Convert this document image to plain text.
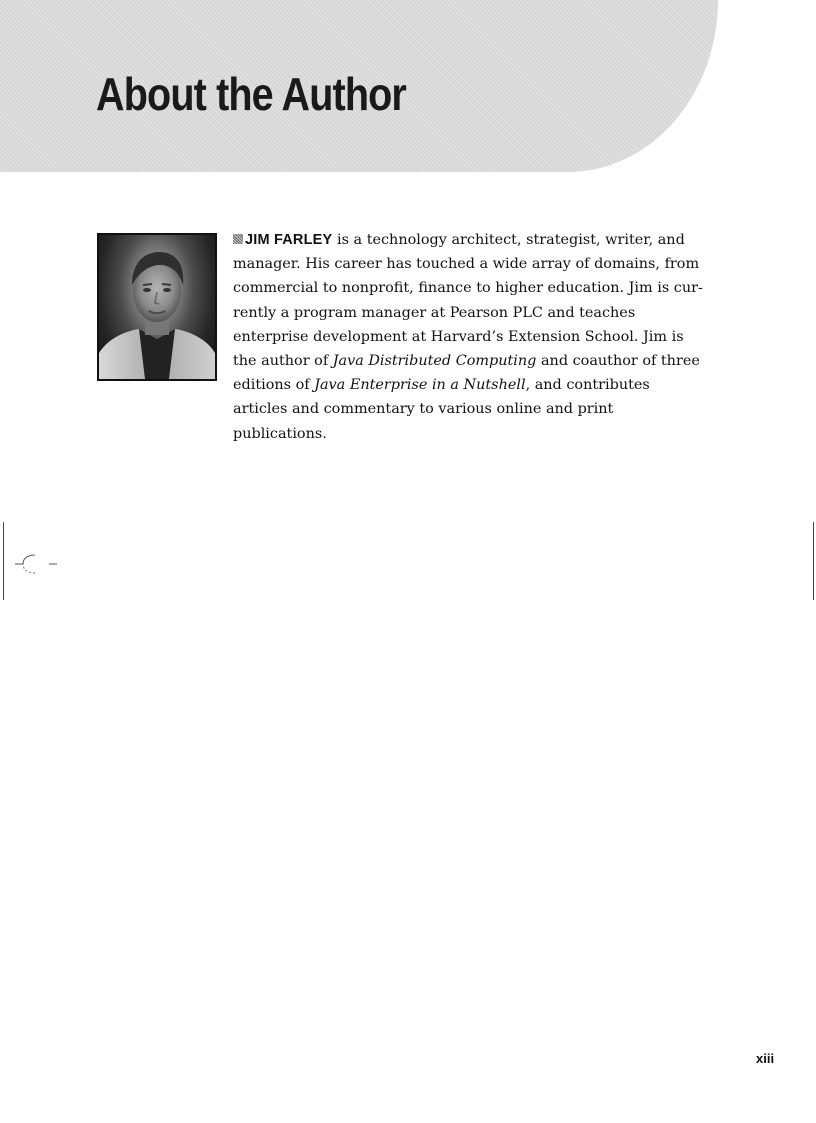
About the Author

JIM FARLEY is a technology architect, strategist, writer, and manager. His career has touched a wide array of domains, from commercial to nonprofit, finance to higher education. Jim is cur-rently a program manager at Pearson PLC and teaches enterprise development at Harvard’s Extension School. Jim is the author of Java Distributed Computing and coauthor of three editions of Java Enterprise in a Nutshell, and contributes articles and commentary to various online and print publications.

xiii
